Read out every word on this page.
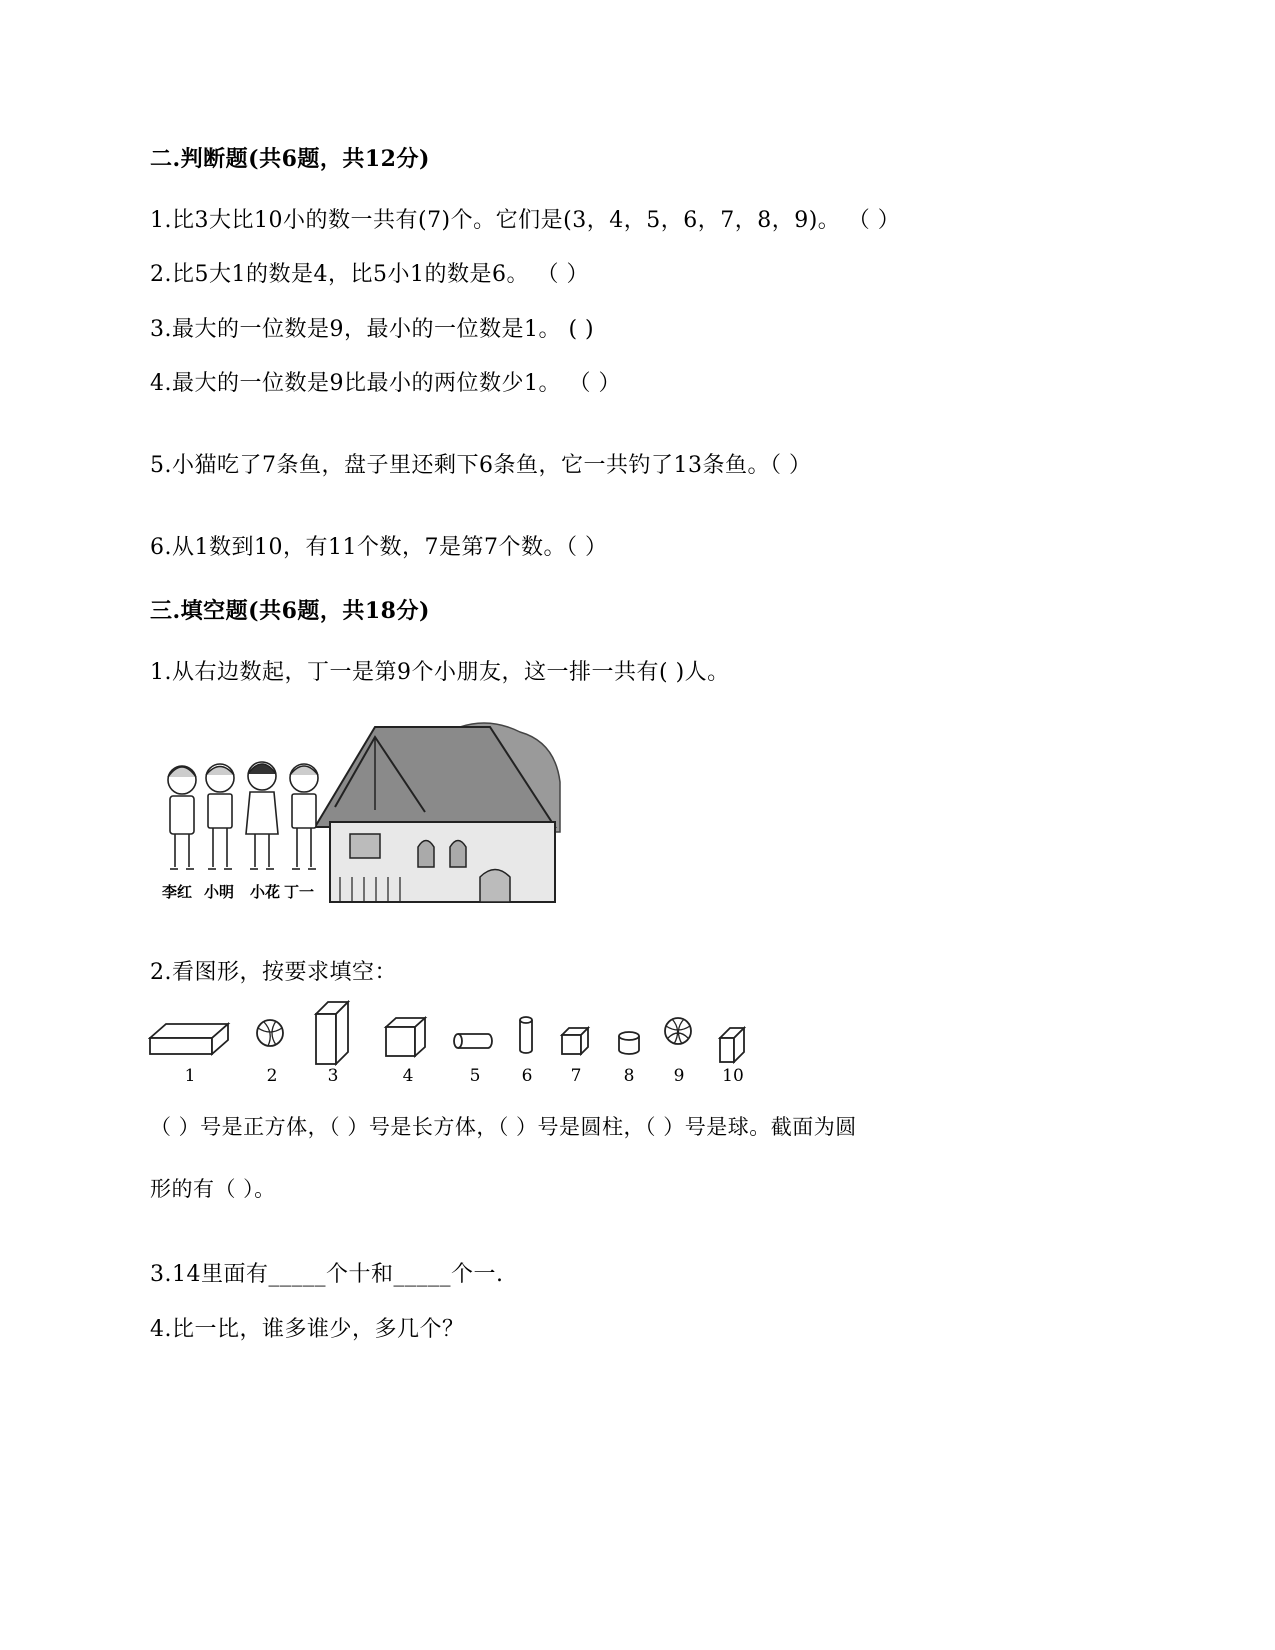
二.判断题(共6题，共12分)
1.比3大比10小的数一共有(7)个。它们是(3，4，5，6，7，8，9)。 （ ）
2.比5大1的数是4，比5小1的数是6。 （ ）
3.最大的一位数是9，最小的一位数是1。 ( )
4.最大的一位数是9比最小的两位数少1。 （ ）
5.小猫吃了7条鱼，盘子里还剩下6条鱼，它一共钓了13条鱼。（ ）
6.从1数到10，有11个数，7是第7个数。（ ）
三.填空题(共6题，共18分)
1.从右边数起，丁一是第9个小朋友，这一排一共有( )人。
李红 小明 小花 丁一
2.看图形，按要求填空：
1	2	3	4	5	6	7	8	9	10
（ ）号是正方体，（ ）号是长方体，（ ）号是圆柱，（ ）号是球。截面为圆
形的有（ ）。
3.14里面有_____个十和_____个一.
4.比一比，谁多谁少，多几个？
